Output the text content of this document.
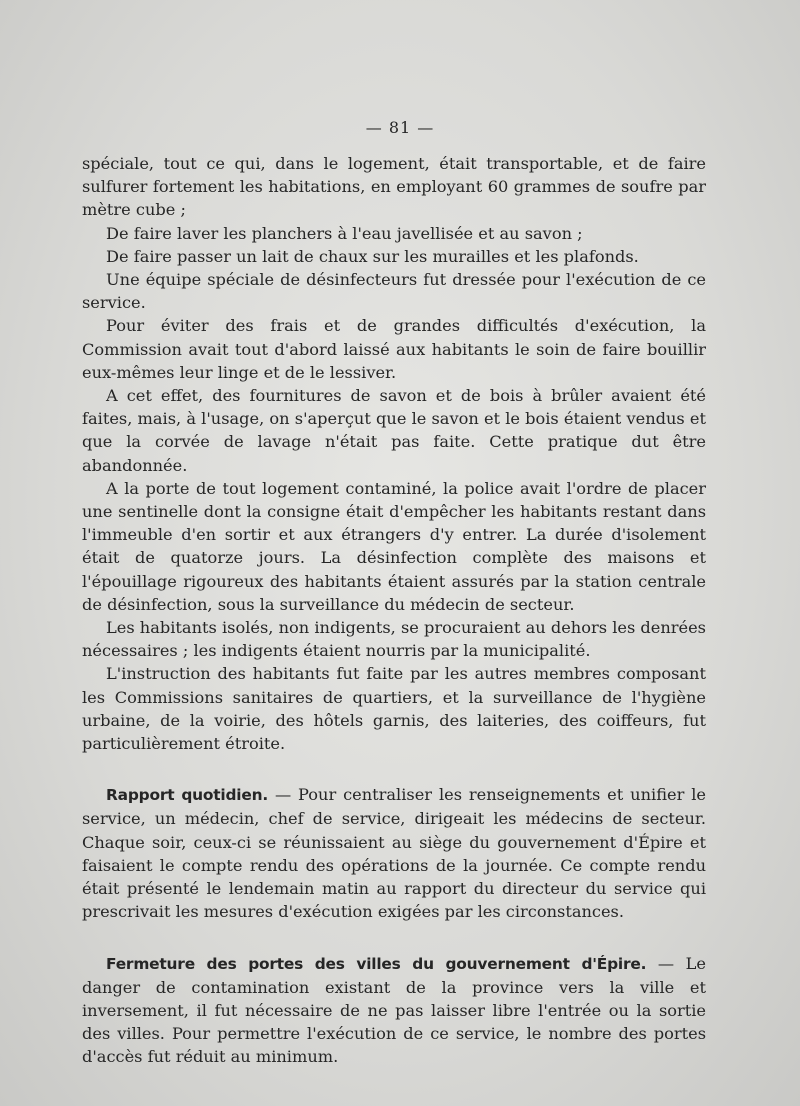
— 81 —

spéciale, tout ce qui, dans le logement, était transportable, et de faire sulfurer fortement les habitations, en employant 60 grammes de soufre par mètre cube ;

De faire laver les planchers à l'eau javellisée et au savon ;

De faire passer un lait de chaux sur les murailles et les plafonds.

Une équipe spéciale de désinfecteurs fut dressée pour l'exécution de ce service.

Pour éviter des frais et de grandes difficultés d'exécution, la Commission avait tout d'abord laissé aux habitants le soin de faire bouillir eux-mêmes leur linge et de le lessiver.

A cet effet, des fournitures de savon et de bois à brûler avaient été faites, mais, à l'usage, on s'aperçut que le savon et le bois étaient vendus et que la corvée de lavage n'était pas faite. Cette pratique dut être abandonnée.

A la porte de tout logement contaminé, la police avait l'ordre de placer une sentinelle dont la consigne était d'empêcher les habitants restant dans l'immeuble d'en sortir et aux étrangers d'y entrer. La durée d'isolement était de quatorze jours. La désinfection complète des maisons et l'épouillage rigoureux des habitants étaient assurés par la station centrale de désinfection, sous la surveillance du médecin de secteur.

Les habitants isolés, non indigents, se procuraient au dehors les denrées nécessaires ; les indigents étaient nourris par la municipalité.

L'instruction des habitants fut faite par les autres membres composant les Commissions sanitaires de quartiers, et la surveillance de l'hygiène urbaine, de la voirie, des hôtels garnis, des laiteries, des coiffeurs, fut particulièrement étroite.

Rapport quotidien. — Pour centraliser les renseignements et unifier le service, un médecin, chef de service, dirigeait les médecins de secteur. Chaque soir, ceux-ci se réunissaient au siège du gouvernement d'Épire et faisaient le compte rendu des opérations de la journée. Ce compte rendu était présenté le lendemain matin au rapport du directeur du service qui prescrivait les mesures d'exécution exigées par les circonstances.

Fermeture des portes des villes du gouvernement d'Épire. — Le danger de contamination existant de la province vers la ville et inversement, il fut nécessaire de ne pas laisser libre l'entrée ou la sortie des villes. Pour permettre l'exécution de ce service, le nombre des portes d'accès fut réduit au minimum.
